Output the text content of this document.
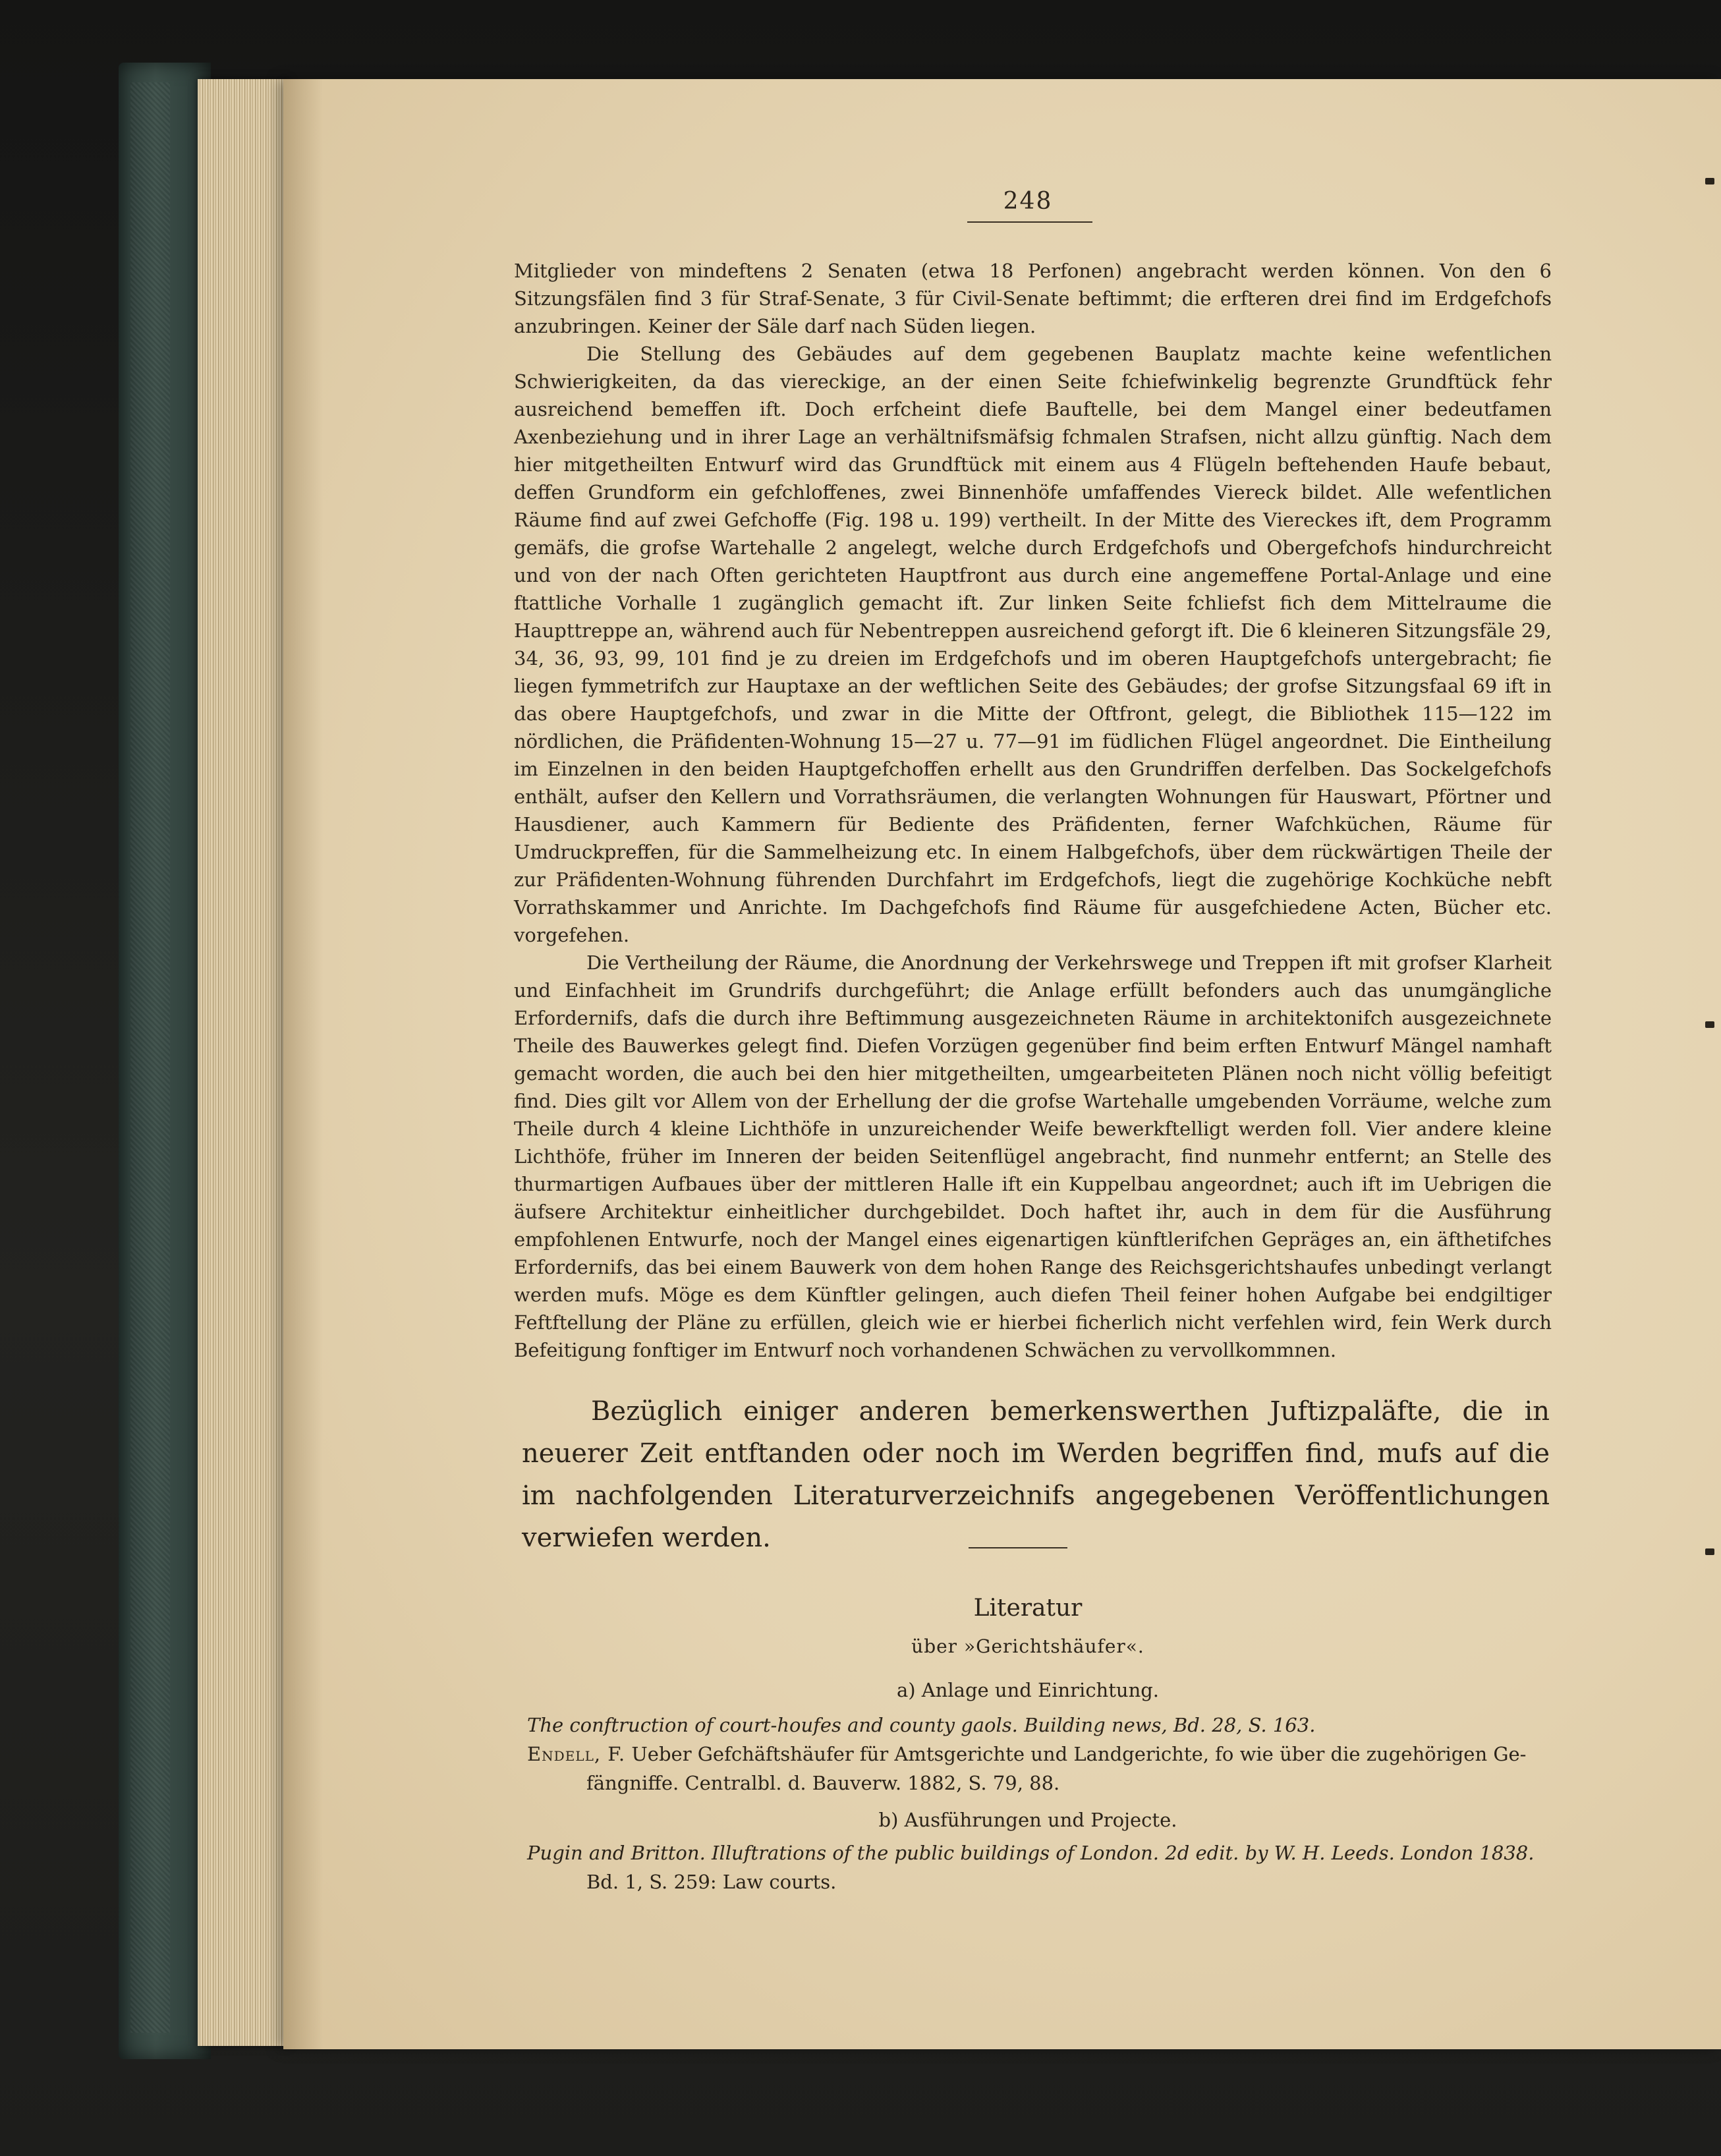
248

Mitglieder von mindeftens 2 Senaten (etwa 18 Perfonen) angebracht werden können. Von den 6 Sitzungsfälen find 3 für Straf-Senate, 3 für Civil-Senate beftimmt; die erfteren drei find im Erdgefchofs anzubringen. Keiner der Säle darf nach Süden liegen.

Die Stellung des Gebäudes auf dem gegebenen Bauplatz machte keine wefentlichen Schwierigkeiten, da das viereckige, an der einen Seite fchiefwinkelig begrenzte Grundftück fehr ausreichend bemeffen ift. Doch erfcheint diefe Bauftelle, bei dem Mangel einer bedeutfamen Axenbeziehung und in ihrer Lage an verhältnifsmäfsig fchmalen Strafsen, nicht allzu günftig. Nach dem hier mitgetheilten Entwurf wird das Grundftück mit einem aus 4 Flügeln beftehenden Haufe bebaut, deffen Grundform ein gefchloffenes, zwei Binnenhöfe umfaffendes Viereck bildet. Alle wefentlichen Räume find auf zwei Gefchoffe (Fig. 198 u. 199) vertheilt. In der Mitte des Viereckes ift, dem Programm gemäfs, die grofse Wartehalle 2 angelegt, welche durch Erdgefchofs und Obergefchofs hindurchreicht und von der nach Often gerichteten Hauptfront aus durch eine angemeffene Portal-Anlage und eine ftattliche Vorhalle 1 zugänglich gemacht ift. Zur linken Seite fchliefst fich dem Mittelraume die Haupttreppe an, während auch für Nebentreppen ausreichend geforgt ift. Die 6 kleineren Sitzungsfäle 29, 34, 36, 93, 99, 101 find je zu dreien im Erdgefchofs und im oberen Hauptgefchofs untergebracht; fie liegen fymmetrifch zur Hauptaxe an der weftlichen Seite des Gebäudes; der grofse Sitzungsfaal 69 ift in das obere Hauptgefchofs, und zwar in die Mitte der Oftfront, gelegt, die Bibliothek 115—122 im nördlichen, die Präfidenten-Wohnung 15—27 u. 77—91 im füdlichen Flügel angeordnet. Die Eintheilung im Einzelnen in den beiden Hauptgefchoffen erhellt aus den Grundriffen derfelben. Das Sockelgefchofs enthält, aufser den Kellern und Vorrathsräumen, die verlangten Wohnungen für Hauswart, Pförtner und Hausdiener, auch Kammern für Bediente des Präfidenten, ferner Wafchküchen, Räume für Umdruckpreffen, für die Sammelheizung etc. In einem Halbgefchofs, über dem rückwärtigen Theile der zur Präfidenten-Wohnung führenden Durchfahrt im Erdgefchofs, liegt die zugehörige Kochküche nebft Vorrathskammer und Anrichte. Im Dachgefchofs find Räume für ausgefchiedene Acten, Bücher etc. vorgefehen.

Die Vertheilung der Räume, die Anordnung der Verkehrswege und Treppen ift mit grofser Klarheit und Einfachheit im Grundrifs durchgeführt; die Anlage erfüllt befonders auch das unumgängliche Erfordernifs, dafs die durch ihre Beftimmung ausgezeichneten Räume in architektonifch ausgezeichnete Theile des Bauwerkes gelegt find. Diefen Vorzügen gegenüber find beim erften Entwurf Mängel namhaft gemacht worden, die auch bei den hier mitgetheilten, umgearbeiteten Plänen noch nicht völlig befeitigt find. Dies gilt vor Allem von der Erhellung der die grofse Wartehalle umgebenden Vorräume, welche zum Theile durch 4 kleine Lichthöfe in unzureichender Weife bewerkftelligt werden foll. Vier andere kleine Lichthöfe, früher im Inneren der beiden Seitenflügel angebracht, find nunmehr entfernt; an Stelle des thurmartigen Aufbaues über der mittleren Halle ift ein Kuppelbau angeordnet; auch ift im Uebrigen die äufsere Architektur einheitlicher durchgebildet. Doch haftet ihr, auch in dem für die Ausführung empfohlenen Entwurfe, noch der Mangel eines eigenartigen künftlerifchen Gepräges an, ein äfthetifches Erfordernifs, das bei einem Bauwerk von dem hohen Range des Reichsgerichtshaufes unbedingt verlangt werden mufs. Möge es dem Künftler gelingen, auch diefen Theil feiner hohen Aufgabe bei endgiltiger Feftftellung der Pläne zu erfüllen, gleich wie er hierbei ficherlich nicht verfehlen wird, fein Werk durch Befeitigung fonftiger im Entwurf noch vorhandenen Schwächen zu vervollkommnen.

Bezüglich einiger anderen bemerkenswerthen Juftizpaläfte, die in neuerer Zeit entftanden oder noch im Werden begriffen find, mufs auf die im nachfolgenden Literaturverzeichnifs angegebenen Veröffentlichungen verwiefen werden.
Literatur
über »Gerichtshäufer«.
a) Anlage und Einrichtung.
The conftruction of court-houfes and county gaols. Building news, Bd. 28, S. 163.
Endell, F. Ueber Gefchäftshäufer für Amtsgerichte und Landgerichte, fo wie über die zugehörigen Ge-
fängniffe. Centralbl. d. Bauverw. 1882, S. 79, 88.
b) Ausführungen und Projecte.
Pugin and Britton. Illuftrations of the public buildings of London. 2d edit. by W. H. Leeds. London 1838.
Bd. 1, S. 259: Law courts.
